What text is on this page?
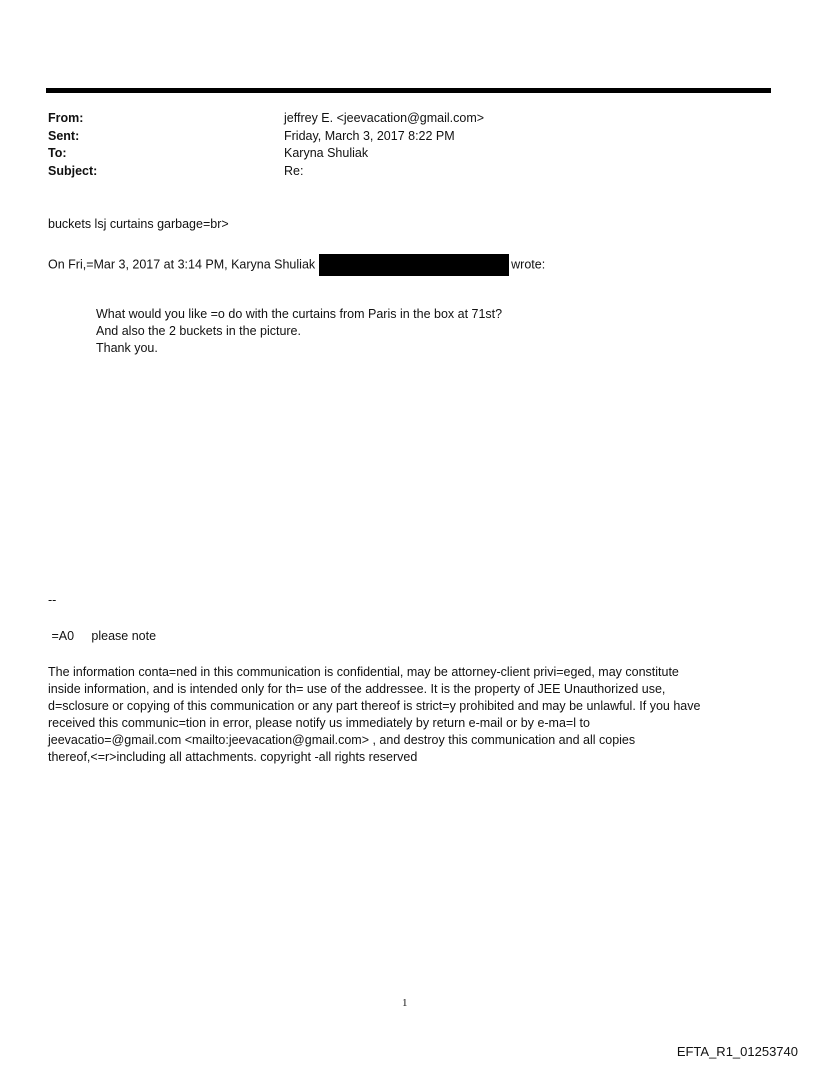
From:	jeffrey E. <jeevacation@gmail.com>
Sent:	Friday, March 3, 2017 8:22 PM
To:	Karyna Shuliak
Subject:	Re:
buckets lsj curtains garbage=br>
On Fri,=Mar 3, 2017 at 3:14 PM, Karyna Shuliak	wrote:
What would you like =o do with the curtains from Paris in the box at 71st?
And also the 2 buckets in the picture.
Thank you.
--
=A0     please note
The information conta=ned in this communication is confidential, may be attorney-client privi=eged, may constitute
inside information, and is intended only for th= use of the addressee. It is the property of JEE Unauthorized use,
d=sclosure or copying of this communication or any part thereof is strict=y prohibited and may be unlawful. If you have
received this communic=tion in error, please notify us immediately by return e-mail or by e-ma=l to
jeevacatio=@gmail.com <mailto:jeevacation@gmail.com> , and destroy this communication and all copies
thereof,<=r>including all attachments. copyright -all rights reserved
1
EFTA_R1_01253740
